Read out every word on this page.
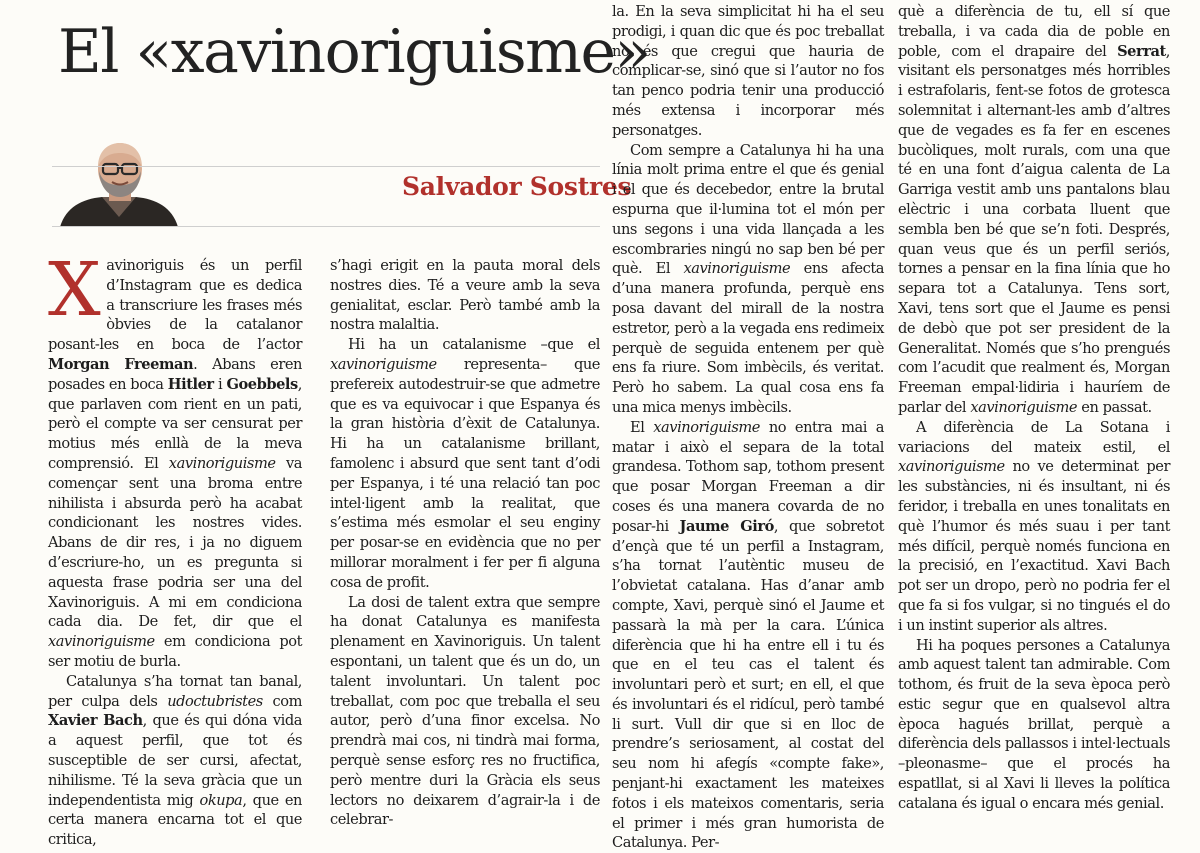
El «xavinoriguisme»
Salvador Sostres

Xavinoriguis és un perfil d’Instagram que es dedica a transcriure les frases més òbvies de la catalanor posant-les en boca de l’actor Morgan Freeman. Abans eren posades en boca Hitler i Goebbels, que parlaven com rient en un pati, però el compte va ser censurat per motius més enllà de la meva comprensió. El xavinoriguisme va començar sent una broma entre nihilista i absurda però ha acabat condicionant les nostres vides. Abans de dir res, i ja no diguem d’escriure-ho, un es pregunta si aquesta frase podria ser una del Xavinoriguis. A mi em condiciona cada dia. De fet, dir que el xavinoriguisme em condiciona pot ser motiu de burla.

Catalunya s’ha tornat tan banal, per culpa dels udoctubristes com Xavier Bach, que és qui dóna vida a aquest perfil, que tot és susceptible de ser cursi, afectat, nihilisme. Té la seva gràcia que un independentista mig okupa, que en certa manera encarna tot el que critica,

s’hagi erigit en la pauta moral dels nostres dies. Té a veure amb la seva genialitat, esclar. Però també amb la nostra malaltia.

Hi ha un catalanisme –que el xavinoriguisme representa– que prefereix autodestruir-se que admetre que es va equivocar i que Espanya és la gran història d’èxit de Catalunya. Hi ha un catalanisme brillant, famolenc i absurd que sent tant d’odi per Espanya, i té una relació tan poc intel·ligent amb la realitat, que s’estima més esmolar el seu enginy per posar-se en evidència que no per millorar moralment i fer per fi alguna cosa de profit.

La dosi de talent extra que sempre ha donat Catalunya es manifesta plenament en Xavinoriguis. Un talent espontani, un talent que és un do, un talent involuntari. Un talent poc treballat, com poc que treballa el seu autor, però d’una finor excelsa. No prendrà mai cos, ni tindrà mai forma, perquè sense esforç res no fructifica, però mentre duri la Gràcia els seus lectors no deixarem d’agrair-la i de celebrar-

la. En la seva simplicitat hi ha el seu prodigi, i quan dic que és poc treballat no és que cregui que hauria de complicar-se, sinó que si l’autor no fos tan penco podria tenir una producció més extensa i incorporar més personatges.

Com sempre a Catalunya hi ha una línia molt prima entre el que és genial i el que és decebedor, entre la brutal espurna que il·lumina tot el món per uns segons i una vida llançada a les escombraries ningú no sap ben bé per què. El xavinoriguisme ens afecta d’una manera profunda, perquè ens posa davant del mirall de la nostra estretor, però a la vegada ens redimeix perquè de seguida entenem per què ens fa riure. Som imbècils, és veritat. Però ho sabem. La qual cosa ens fa una mica menys imbècils.

El xavinoriguisme no entra mai a matar i això el separa de la total grandesa. Tothom sap, tothom present que posar Morgan Freeman a dir coses és una manera covarda de no posar-hi Jaume Giró, que sobretot d’ençà que té un perfil a Instagram, s’ha tornat l’autèntic museu de l’obvietat catalana. Has d’anar amb compte, Xavi, perquè sinó el Jaume et passarà la mà per la cara. L’única diferència que hi ha entre ell i tu és que en el teu cas el talent és involuntari però et surt; en ell, el que és involuntari és el ridícul, però també li surt. Vull dir que si en lloc de prendre’s seriosament, al costat del seu nom hi afegís «compte fake», penjant-hi exactament les mateixes fotos i els mateixos comentaris, seria el primer i més gran humorista de Catalunya. Per-

què a diferència de tu, ell sí que treballa, i va cada dia de poble en poble, com el drapaire del Serrat, visitant els personatges més horribles i estrafolaris, fent-se fotos de grotesca solemnitat i alternant-les amb d’altres que de vegades es fa fer en escenes bucòliques, molt rurals, com una que té en una font d’aigua calenta de La Garriga vestit amb uns pantalons blau elèctric i una corbata lluent que sembla ben bé que se’n foti. Després, quan veus que és un perfil seriós, tornes a pensar en la fina línia que ho separa tot a Catalunya. Tens sort, Xavi, tens sort que el Jaume es pensi de debò que pot ser president de la Generalitat. Només que s’ho prengués com l’acudit que realment és, Morgan Freeman empal·lidiria i hauríem de parlar del xavinoriguisme en passat.

A diferència de La Sotana i variacions del mateix estil, el xavinoriguisme no ve determinat per les substàncies, ni és insultant, ni és feridor, i treballa en unes tonalitats en què l’humor és més suau i per tant més difícil, perquè només funciona en la precisió, en l’exactitud. Xavi Bach pot ser un dropo, però no podria fer el que fa si fos vulgar, si no tingués el do i un instint superior als altres.

Hi ha poques persones a Catalunya amb aquest talent tan admirable. Com tothom, és fruit de la seva època però estic segur que en qualsevol altra època hagués brillat, perquè a diferència dels pallassos i intel·lectuals –pleonasme– que el procés ha espatllat, si al Xavi li lleves la política catalana és igual o encara més genial.
